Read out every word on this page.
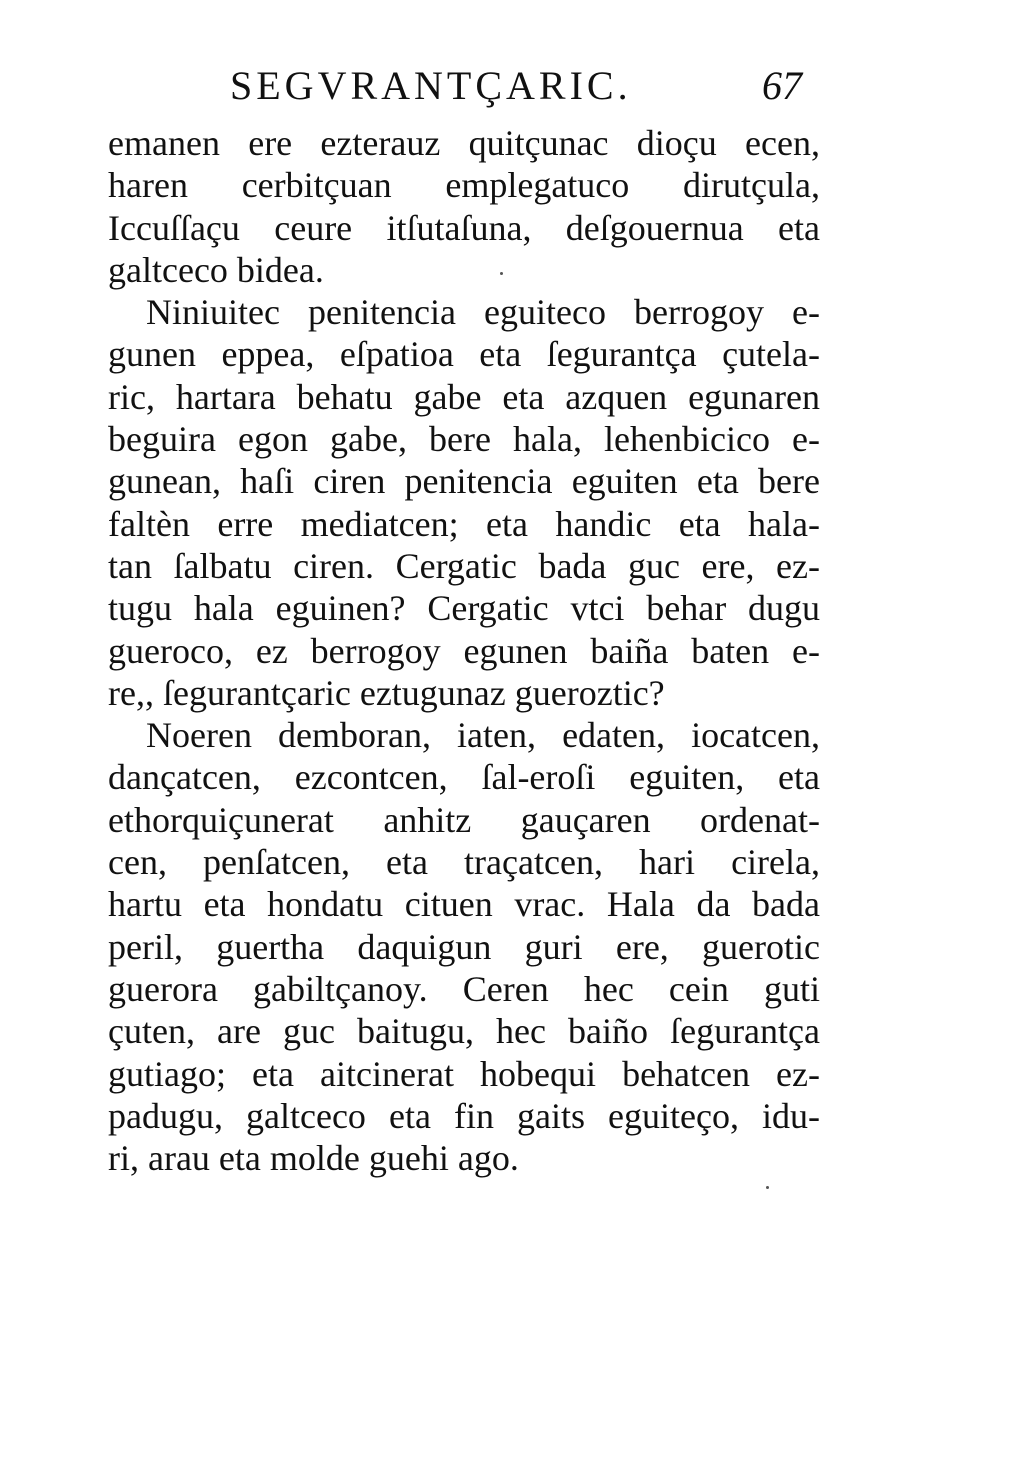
SEGVRANTÇARIC.	67
emanen ere ezterauz quitçunac dioçu ecen,
haren cerbitçuan emplegatuco dirutçula,
Iccuſſaçu ceure itſutaſuna, deſgouernua eta
galtceco bidea.
Niniuitec penitencia eguiteco berrogoy e-
gunen eppea, eſpatioa eta ſegurantça çutela-
ric, hartara behatu gabe eta azquen egunaren
beguira egon gabe, bere hala, lehenbicico e-
gunean, haſi ciren penitencia eguiten eta bere
faltèn erre mediatcen; eta handic eta hala-
tan ſalbatu ciren. Cergatic bada guc ere, ez-
tugu hala eguinen? Cergatic vtci behar dugu
gueroco, ez berrogoy egunen baiña baten e-
re,, ſegurantçaric eztugunaz gueroztic?
Noeren demboran, iaten, edaten, iocatcen,
dançatcen, ezcontcen, ſal-eroſi eguiten, eta
ethorquiçunerat anhitz gauçaren ordenat-
cen, penſatcen, eta traçatcen, hari cirela,
hartu eta hondatu cituen vrac. Hala da bada
peril, guertha daquigun guri ere, guerotic
guerora gabiltçanoy. Ceren hec cein guti
çuten, are guc baitugu, hec baiño ſegurantça
gutiago; eta aitcinerat hobequi behatcen ez-
padugu, galtceco eta fin gaits eguiteço, idu-
ri, arau eta molde guehi ago.
